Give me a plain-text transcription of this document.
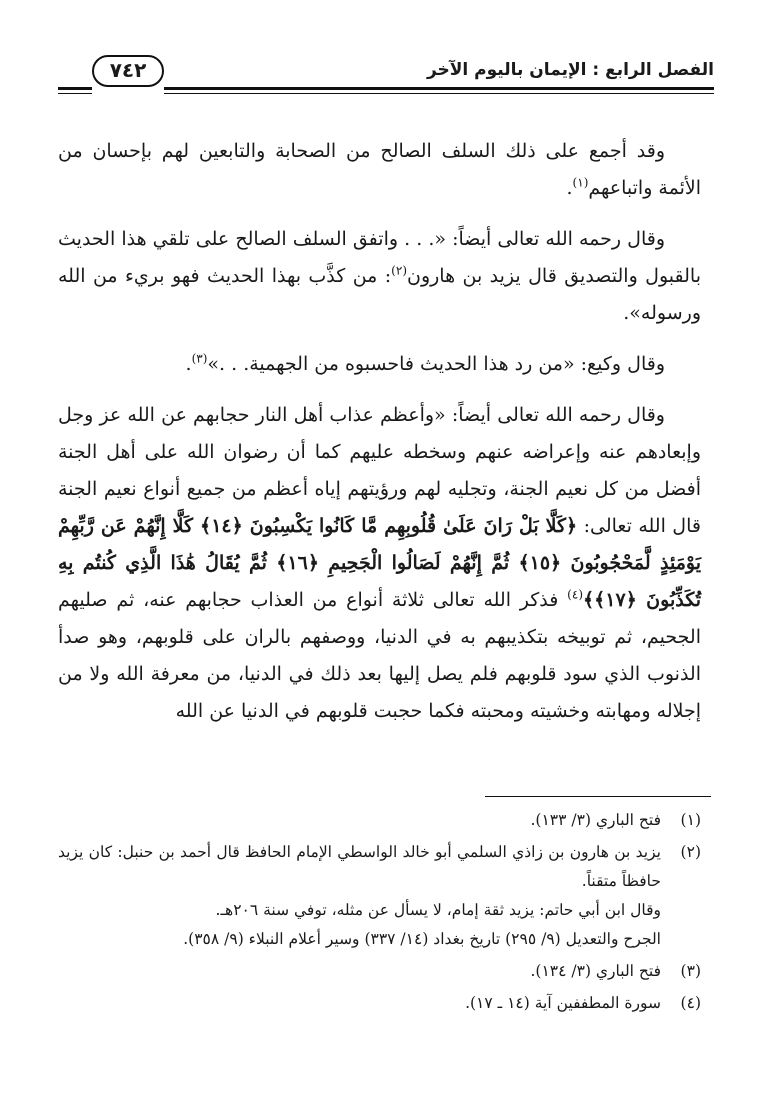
الفصل الرابع : الإيمان باليوم الآخر
٧٤٢

وقد أجمع على ذلك السلف الصالح من الصحابة والتابعين لهم بإحسان من الأئمة واتباعهم$^{(١)}$.

وقال رحمه الله تعالى أيضاً: «. . . واتفق السلف الصالح على تلقي هذا الحديث بالقبول والتصديق قال يزيد بن هارون$^{(٢)}$: من كذَّب بهذا الحديث فهو بريء من الله ورسوله».

وقال وكيع: «من رد هذا الحديث فاحسبوه من الجهمية. . .»$^{(٣)}$.

وقال رحمه الله تعالى أيضاً: «وأعظم عذاب أهل النار حجابهم عن الله عز وجل وإبعادهم عنه وإعراضه عنهم وسخطه عليهم كما أن رضوان الله على أهل الجنة أفضل من كل نعيم الجنة، وتجليه لهم ورؤيتهم إياه أعظم من جميع أنواع نعيم الجنة قال الله تعالى: ﴿كَلَّا بَلْ رَانَ عَلَىٰ قُلُوبِهِم مَّا كَانُوا يَكْسِبُونَ ﴿١٤﴾ كَلَّا إِنَّهُمْ عَن رَّبِّهِمْ يَوْمَئِذٍ لَّمَحْجُوبُونَ ﴿١٥﴾ ثُمَّ إِنَّهُمْ لَصَالُوا الْجَحِيمِ ﴿١٦﴾ ثُمَّ يُقَالُ هَٰذَا الَّذِي كُنتُم بِهِ تُكَذِّبُونَ ﴿١٧﴾﴾$^{(٤)}$ فذكر الله تعالى ثلاثة أنواع من العذاب حجابهم عنه، ثم صليهم الجحيم، ثم توبيخه بتكذيبهم به في الدنيا، ووصفهم بالران على قلوبهم، وهو صدأ الذنوب الذي سود قلوبهم فلم يصل إليها بعد ذلك في الدنيا، من معرفة الله ولا من إجلاله ومهابته وخشيته ومحبته فكما حجبت قلوبهم في الدنيا عن الله

(١)
فتح الباري (٣/ ١٣٣).
(٢)
يزيد بن هارون بن زاذي السلمي أبو خالد الواسطي الإمام الحافظ قال أحمد بن حنبل: كان يزيد حافظاً متقناً.
وقال ابن أبي حاتم: يزيد ثقة إمام، لا يسأل عن مثله، توفي سنة ٢٠٦هـ.
الجرح والتعديل (٩/ ٢٩٥) تاريخ بغداد (١٤/ ٣٣٧) وسير أعلام النبلاء (٩/ ٣٥٨).
(٣)
فتح الباري (٣/ ١٣٤).
(٤)
سورة المطففين آية (١٤ ـ ١٧).
